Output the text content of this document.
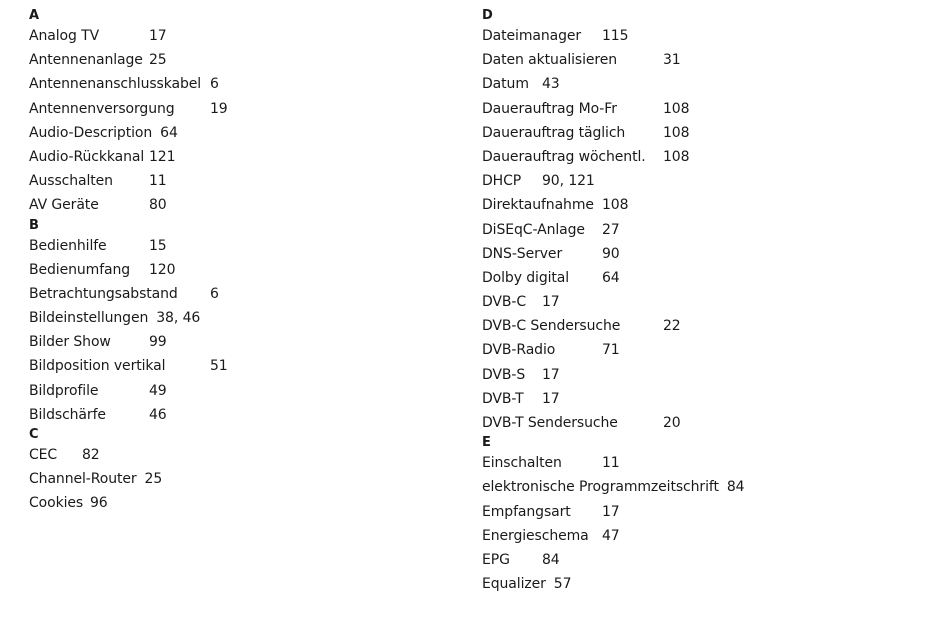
A
Analog TV	17
Antennenanlage 25
Antennenanschlusskabel 6
Antennenversorgung	19
Audio-Description 64
Audio-Rückkanal 121
Ausschalten	11
AV Geräte	80
B
Bedienhilfe	15
Bedienumfang 120
Betrachtungsabstand 6
Bildeinstellungen 38, 46
Bilder Show	99
Bildposition vertikal	51
Bildprofile	49
Bildschärfe	46
C
CEC 82
Channel-Router 25
Cookies 96
D
Dateimanager 115
Daten aktualisieren	31
Datum 43
Dauerauftrag Mo-Fr	108
Dauerauftrag täglich	108
Dauerauftrag wöchentl. 108
DHCP 90, 121
Direktaufnahme 108
DiSEqC-Anlage 27
DNS-Server	90
Dolby digital 64
DVB-C 17
DVB-C Sendersuche	22
DVB-Radio	71
DVB-S 17
DVB-T 17
DVB-T Sendersuche	20
E
Einschalten	11
elektronische Programmzeitschrift 84
Empfangsart 17
Energieschema 47
EPG 84
Equalizer 57
